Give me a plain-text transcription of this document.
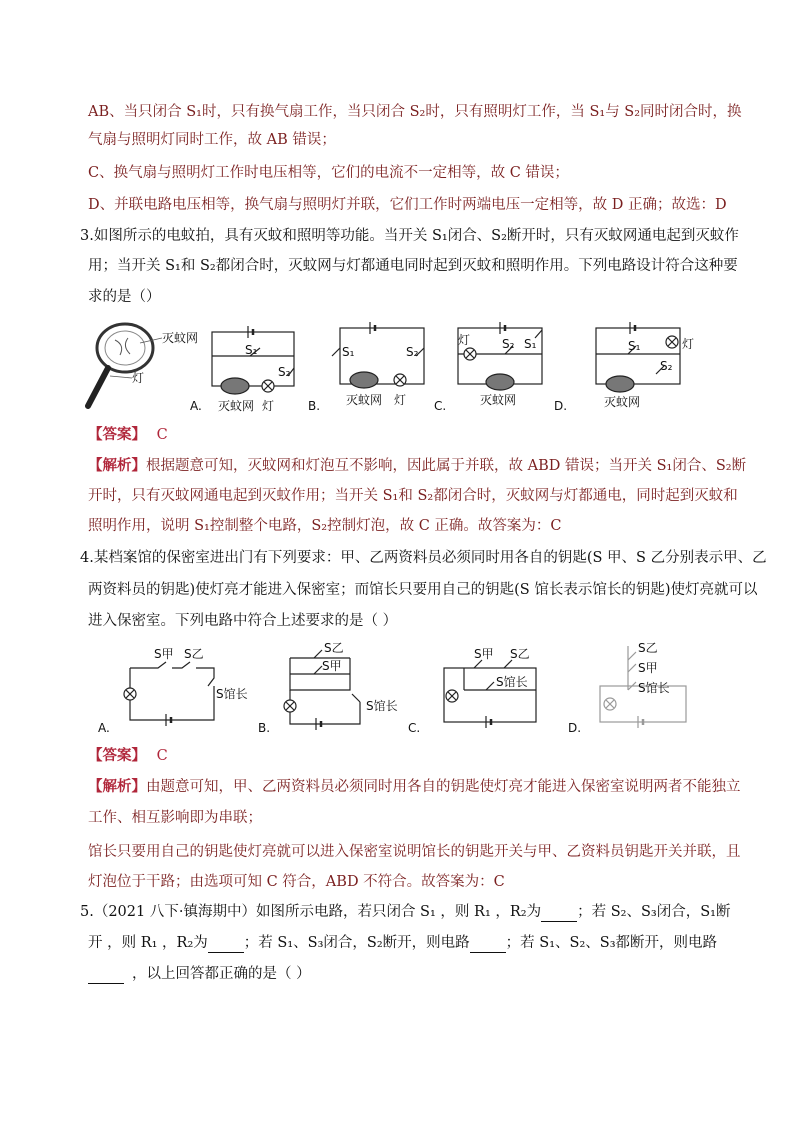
AB、当只闭合 S₁时，只有换气扇工作，当只闭合 S₂时，只有照明灯工作，当 S₁与 S₂同时闭合时，换
气扇与照明灯同时工作，故 AB 错误；
C、换气扇与照明灯工作时电压相等，它们的电流不一定相等，故 C 错误；
D、并联电路电压相等，换气扇与照明灯并联，它们工作时两端电压一定相等，故 D 正确；故选：D
3.如图所示的电蚊拍，具有灭蚊和照明等功能。当开关 S₁闭合、S₂断开时，只有灭蚊网通电起到灭蚊作
用；当开关 S₁和 S₂都闭合时，灭蚊网与灯都通电同时起到灭蚊和照明作用。下列电路设计符合这种要
求的是（）
灭蚊网
灯
S₁
S₂
灭蚊网 灯
A.
S₁	S₂
灭蚊网 灯
B.
灯	S₂ S₁
灭蚊网
C.
S₁	灯
S₂
灭蚊网
D.
【答案】 C
【解析】根据题意可知，灭蚊网和灯泡互不影响，因此属于并联，故 ABD 错误；当开关 S₁闭合、S₂断
开时，只有灭蚊网通电起到灭蚊作用；当开关 S₁和 S₂都闭合时，灭蚊网与灯都通电，同时起到灭蚊和
照明作用，说明 S₁控制整个电路，S₂控制灯泡，故 C 正确。故答案为：C
4.某档案馆的保密室进出门有下列要求：甲、乙两资料员必须同时用各自的钥匙(S 甲、S 乙分别表示甲、乙
两资料员的钥匙)使灯亮才能进入保密室；而馆长只要用自己的钥匙(S 馆长表示馆长的钥匙)使灯亮就可以
进入保密室。下列电路中符合上述要求的是（ ）
S甲 S乙
S馆长
A.
S乙
S甲
S馆长
B.
S甲 S乙
S馆长
C.
S乙
S甲
S馆长
D.
【答案】 C
【解析】由题意可知，甲、乙两资料员必须同时用各自的钥匙使灯亮才能进入保密室说明两者不能独立
工作、相互影响即为串联；
馆长只要用自己的钥匙使灯亮就可以进入保密室说明馆长的钥匙开关与甲、乙资料员钥匙开关并联，且
灯泡位于干路；由选项可知 C 符合，ABD 不符合。故答案为：C
5.（2021 八下·镇海期中）如图所示电路，若只闭合 S₁ ，则 R₁ ，R₂为 ；若 S₂、S₃闭合，S₁断
开 ，则 R₁ ，R₂为 ；若 S₁、S₃闭合，S₂断开，则电路 ；若 S₁、S₂、S₃都断开，则电路
，以上回答都正确的是（ ）
